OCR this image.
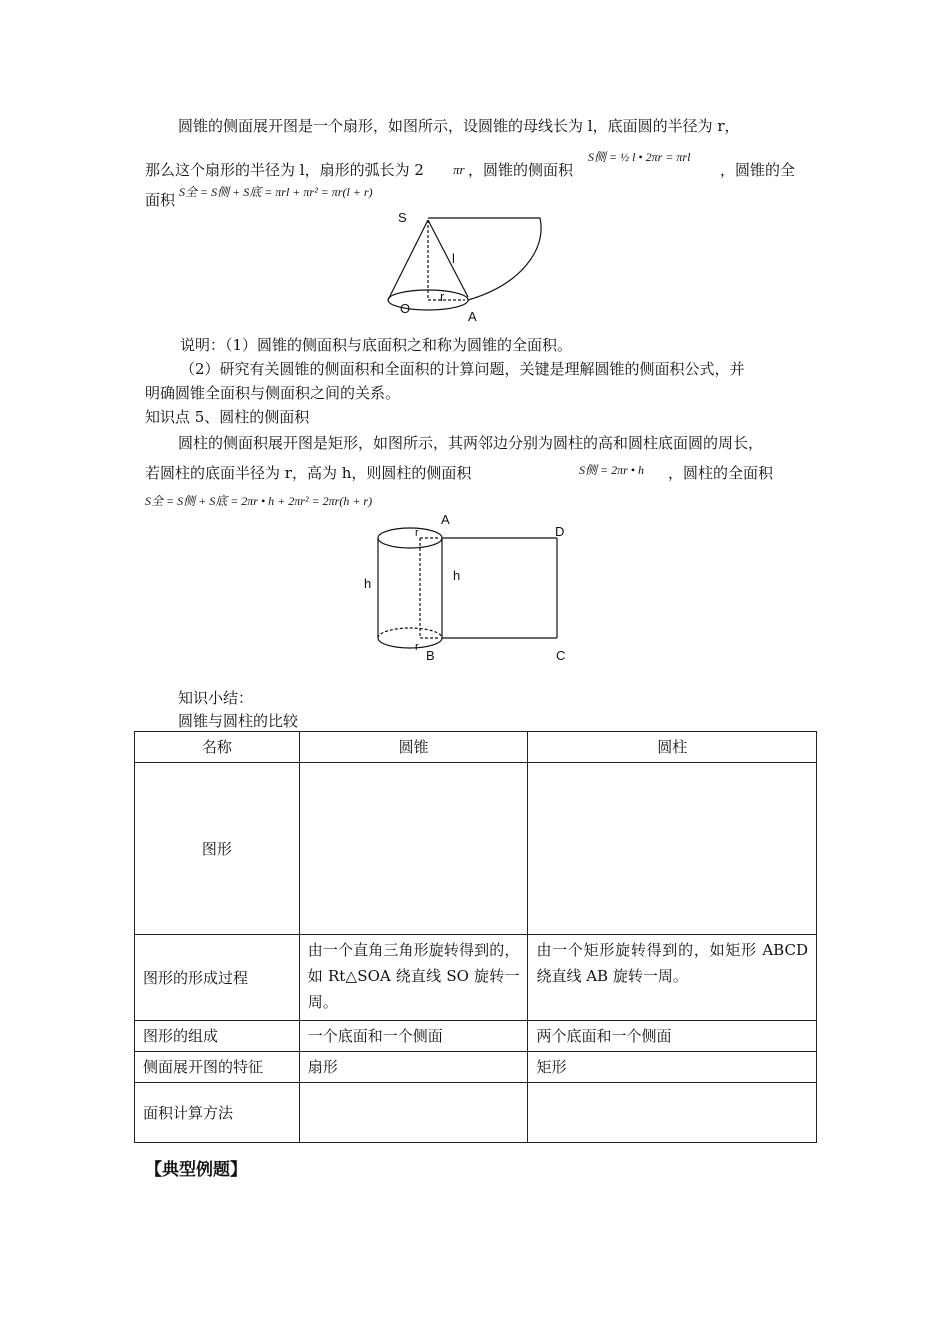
圆锥的侧面展开图是一个扇形，如图所示，设圆锥的母线长为 l，底面圆的半径为 r，
那么这个扇形的半径为 l，扇形的弧长为 2 πr ，圆锥的侧面积
S侧 = ½ l • 2πr = πrl
，圆锥的全
面积 S全 = S侧 + S底 = πrl + πr² = πr(l + r)
S
l
O
r
A
说明：（1）圆锥的侧面积与底面积之和称为圆锥的全面积。
（2）研究有关圆锥的侧面积和全面积的计算问题，关键是理解圆锥的侧面积公式，并
明确圆锥全面积与侧面积之间的关系。
知识点 5、圆柱的侧面积
圆柱的侧面积展开图是矩形，如图所示，其两邻边分别为圆柱的高和圆柱底面圆的周长，
若圆柱的底面半径为 r，高为 h，则圆柱的侧面积	S侧 = 2πr • h ，圆柱的全面积
S全 = S侧 + S底 = 2πr • h + 2πr² = 2πr(h + r)
A
D
h
h
r
r
B	C
知识小结：
圆锥与圆柱的比较
名称	圆锥	圆柱
图形		
图形的形成过程	由一个直角三角形旋转得到的，如 Rt△SOA 绕直线 SO 旋转一周。	由一个矩形旋转得到的，如矩形 ABCD 绕直线 AB 旋转一周。
图形的组成	一个底面和一个侧面	两个底面和一个侧面
侧面展开图的特征	扇形	矩形
面积计算方法		
【典型例题】
